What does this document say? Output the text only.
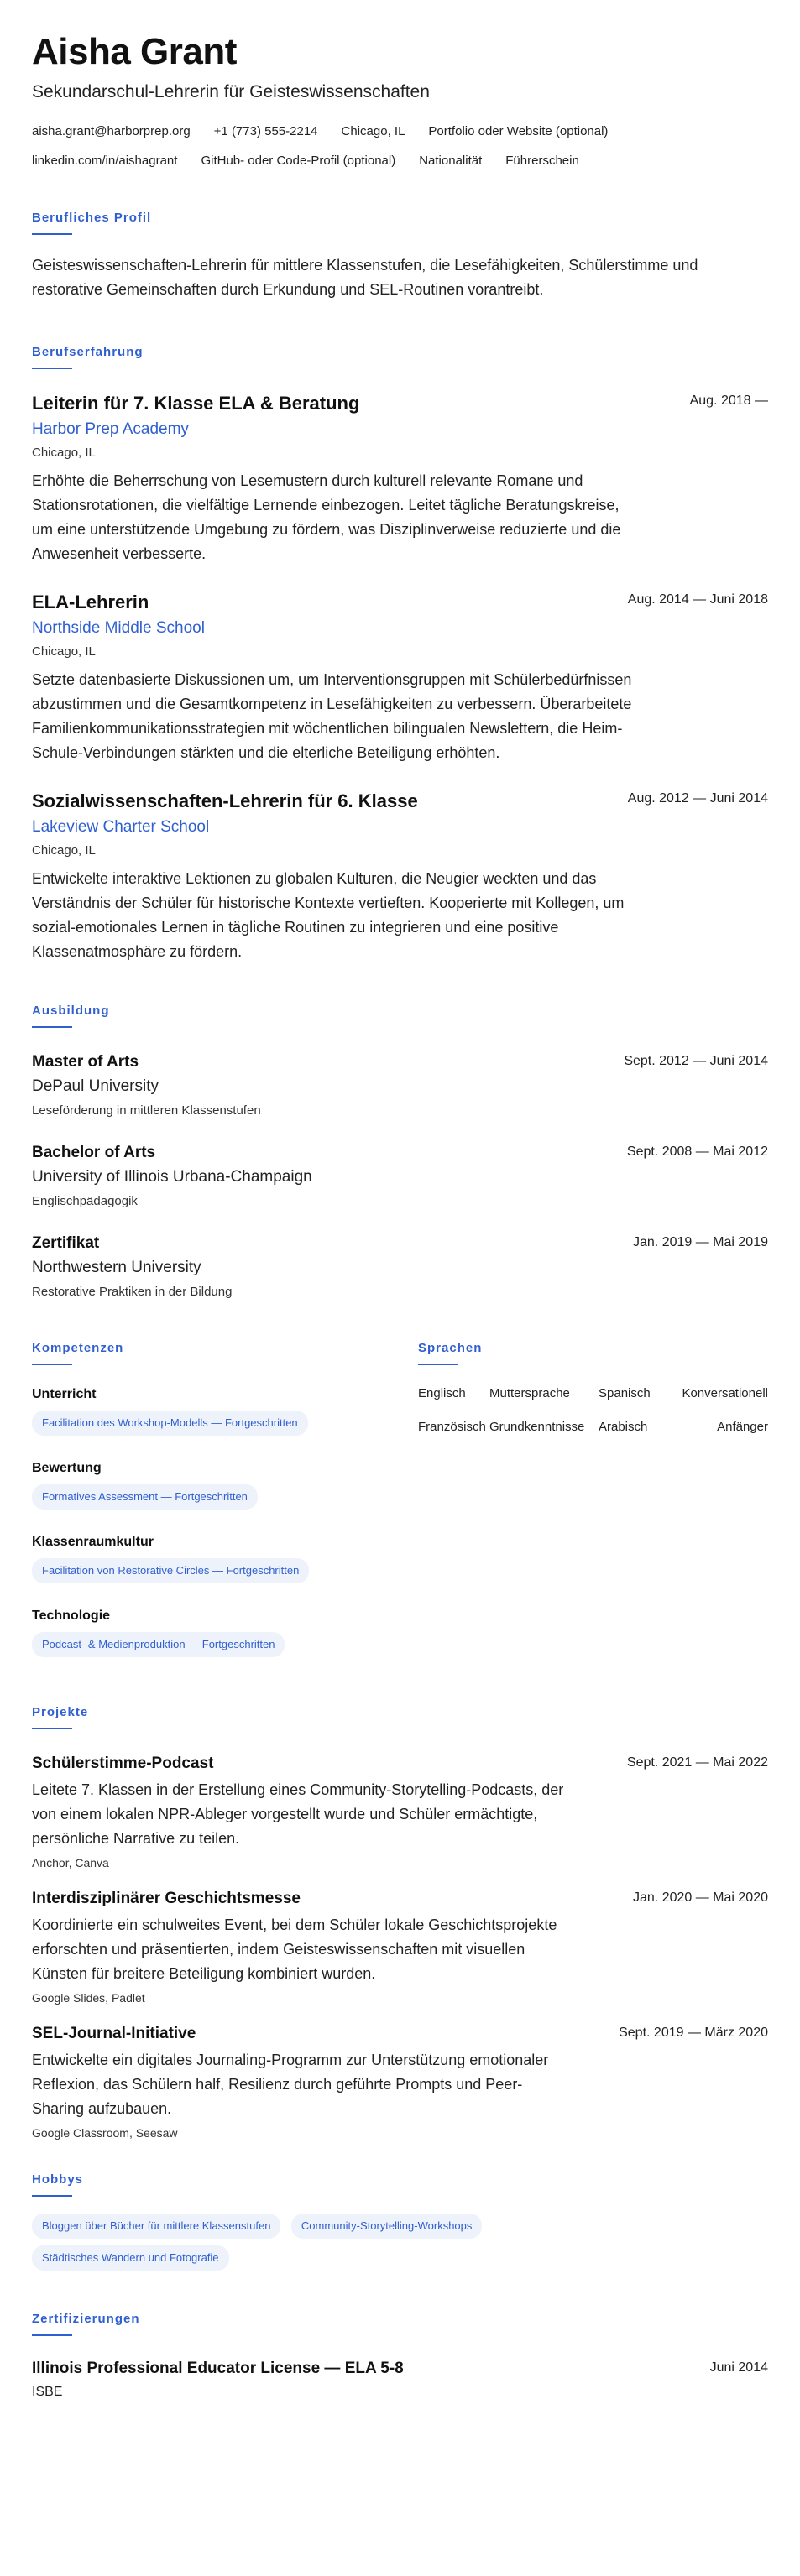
Aisha Grant
Sekundarschul-Lehrerin für Geisteswissenschaften
aisha.grant@harborprep.org +1 (773) 555-2214 Chicago, IL Portfolio oder Website (optional)
linkedin.com/in/aishagrant GitHub- oder Code-Profil (optional) Nationalität Führerschein
Berufliches Profil

Geisteswissenschaften-Lehrerin für mittlere Klassenstufen, die Lesefähigkeiten, Schülerstimme und restorative Gemeinschaften durch Erkundung und SEL-Routinen vorantreibt.

Berufserfahrung
Leiterin für 7. Klasse ELA & Beratung	Aug. 2018 —
Harbor Prep Academy
Chicago, IL

Erhöhte die Beherrschung von Lesemustern durch kulturell relevante Romane und Stationsrotationen, die vielfältige Lernende einbezogen. Leitet tägliche Beratungskreise, um eine unterstützende Umgebung zu fördern, was Disziplinverweise reduzierte und die Anwesenheit verbesserte.

ELA-Lehrerin	Aug. 2014 — Juni 2018
Northside Middle School
Chicago, IL

Setzte datenbasierte Diskussionen um, um Interventionsgruppen mit Schülerbedürfnissen abzustimmen und die Gesamtkompetenz in Lesefähigkeiten zu verbessern. Überarbeitete Familienkommunikationsstrategien mit wöchentlichen bilingualen Newslettern, die Heim-Schule-Verbindungen stärkten und die elterliche Beteiligung erhöhten.

Sozialwissenschaften-Lehrerin für 6. Klasse	Aug. 2012 — Juni 2014
Lakeview Charter School
Chicago, IL

Entwickelte interaktive Lektionen zu globalen Kulturen, die Neugier weckten und das Verständnis der Schüler für historische Kontexte vertieften. Kooperierte mit Kollegen, um sozial-emotionales Lernen in tägliche Routinen zu integrieren und eine positive Klassenatmosphäre zu fördern.

Ausbildung
Master of Arts	Sept. 2012 — Juni 2014
DePaul University
Leseförderung in mittleren Klassenstufen
Bachelor of Arts	Sept. 2008 — Mai 2012
University of Illinois Urbana-Champaign
Englischpädagogik
Zertifikat	Jan. 2019 — Mai 2019
Northwestern University
Restorative Praktiken in der Bildung
Kompetenzen
Unterricht
Facilitation des Workshop-Modells — Fortgeschritten
Bewertung
Formatives Assessment — Fortgeschritten
Klassenraumkultur
Facilitation von Restorative Circles — Fortgeschritten
Technologie
Podcast- & Medienproduktion — Fortgeschritten
Sprachen
Englisch	Muttersprache	Spanisch	Konversationell
Französisch	Grundkenntnisse	Arabisch	Anfänger
Projekte
Schülerstimme-Podcast	Sept. 2021 — Mai 2022

Leitete 7. Klassen in der Erstellung eines Community-Storytelling-Podcasts, der von einem lokalen NPR-Ableger vorgestellt wurde und Schüler ermächtigte, persönliche Narrative zu teilen.

Anchor, Canva
Interdisziplinärer Geschichtsmesse	Jan. 2020 — Mai 2020

Koordinierte ein schulweites Event, bei dem Schüler lokale Geschichtsprojekte erforschten und präsentierten, indem Geisteswissenschaften mit visuellen Künsten für breitere Beteiligung kombiniert wurden.

Google Slides, Padlet
SEL-Journal-Initiative	Sept. 2019 — März 2020

Entwickelte ein digitales Journaling-Programm zur Unterstützung emotionaler Reflexion, das Schülern half, Resilienz durch geführte Prompts und Peer-Sharing aufzubauen.

Google Classroom, Seesaw
Hobbys
Bloggen über Bücher für mittlere Klassenstufen	Community-Storytelling-Workshops Städtisches Wandern und Fotografie
Zertifizierungen
Illinois Professional Educator License — ELA 5-8	Juni 2014
ISBE
